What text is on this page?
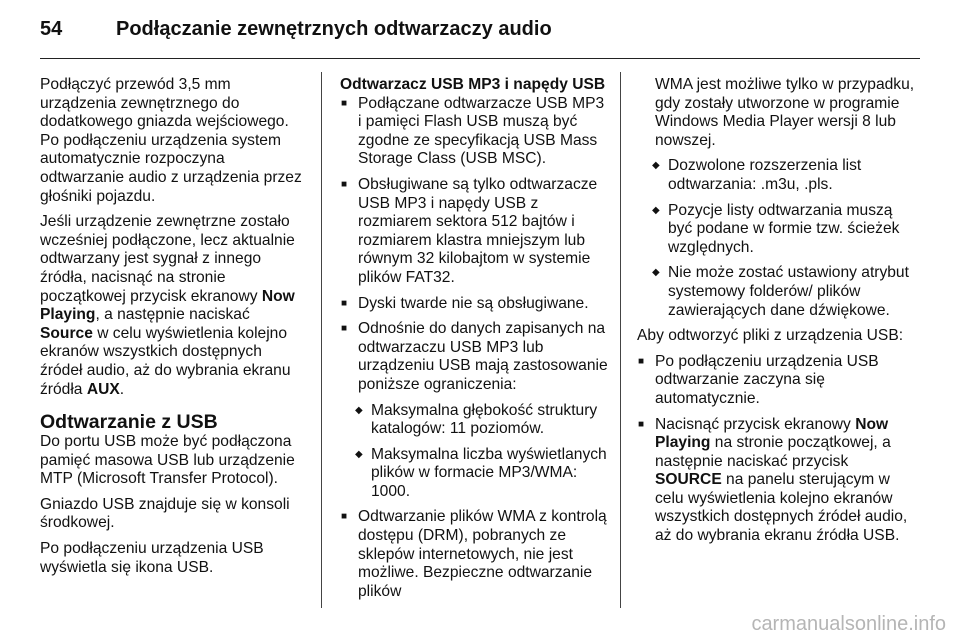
54	Podłączanie zewnętrznych odtwarzaczy audio

Podłączyć przewód 3,5 mm urządzenia zewnętrznego do dodatkowego gniazda wejściowego. Po podłączeniu urządzenia system automatycznie rozpoczyna odtwarzanie audio z urządzenia przez głośniki pojazdu.

Jeśli urządzenie zewnętrzne zostało wcześniej podłączone, lecz aktualnie odtwarzany jest sygnał z innego źródła, nacisnąć na stronie początkowej przycisk ekranowy Now Playing, a następnie naciskać Source w celu wyświetlenia kolejno ekranów wszystkich dostępnych źródeł audio, aż do wybrania ekranu źródła AUX.

Odtwarzanie z USB

Do portu USB może być podłączona pamięć masowa USB lub urządzenie MTP (Microsoft Transfer Protocol).

Gniazdo USB znajduje się w konsoli środkowej.

Po podłączeniu urządzenia USB wyświetla się ikona USB.

Odtwarzacz USB MP3 i napędy USB
■ Podłączane odtwarzacze USB MP3 i pamięci Flash USB muszą być zgodne ze specyfikacją USB Mass Storage Class (USB MSC).
■ Obsługiwane są tylko odtwarzacze USB MP3 i napędy USB z rozmiarem sektora 512 bajtów i rozmiarem klastra mniejszym lub równym 32 kilobajtom w systemie plików FAT32.
■ Dyski twarde nie są obsługiwane.
■ Odnośnie do danych zapisanych na odtwarzaczu USB MP3 lub urządzeniu USB mają zastosowanie poniższe ograniczenia:
◆ Maksymalna głębokość struktury katalogów: 11 poziomów.
◆ Maksymalna liczba wyświetlanych plików w formacie MP3/WMA: 1000.
■ Odtwarzanie plików WMA z kontrolą dostępu (DRM), pobranych ze sklepów internetowych, nie jest możliwe. Bezpieczne odtwarzanie plików

WMA jest możliwe tylko w przypadku, gdy zostały utworzone w programie Windows Media Player wersji 8 lub nowszej.

◆ Dozwolone rozszerzenia list odtwarzania: .m3u, .pls.
◆ Pozycje listy odtwarzania muszą być podane w formie tzw. ścieżek względnych.
◆ Nie może zostać ustawiony atrybut systemowy folderów/ plików zawierających dane dźwiękowe.

Aby odtworzyć pliki z urządzenia USB:

■ Po podłączeniu urządzenia USB odtwarzanie zaczyna się automatycznie.
■ Nacisnąć przycisk ekranowy Now Playing na stronie początkowej, a następnie naciskać przycisk SOURCE na panelu sterującym w celu wyświetlenia kolejno ekranów wszystkich dostępnych źródeł audio, aż do wybrania ekranu źródła USB.
carmanualsonline.info
